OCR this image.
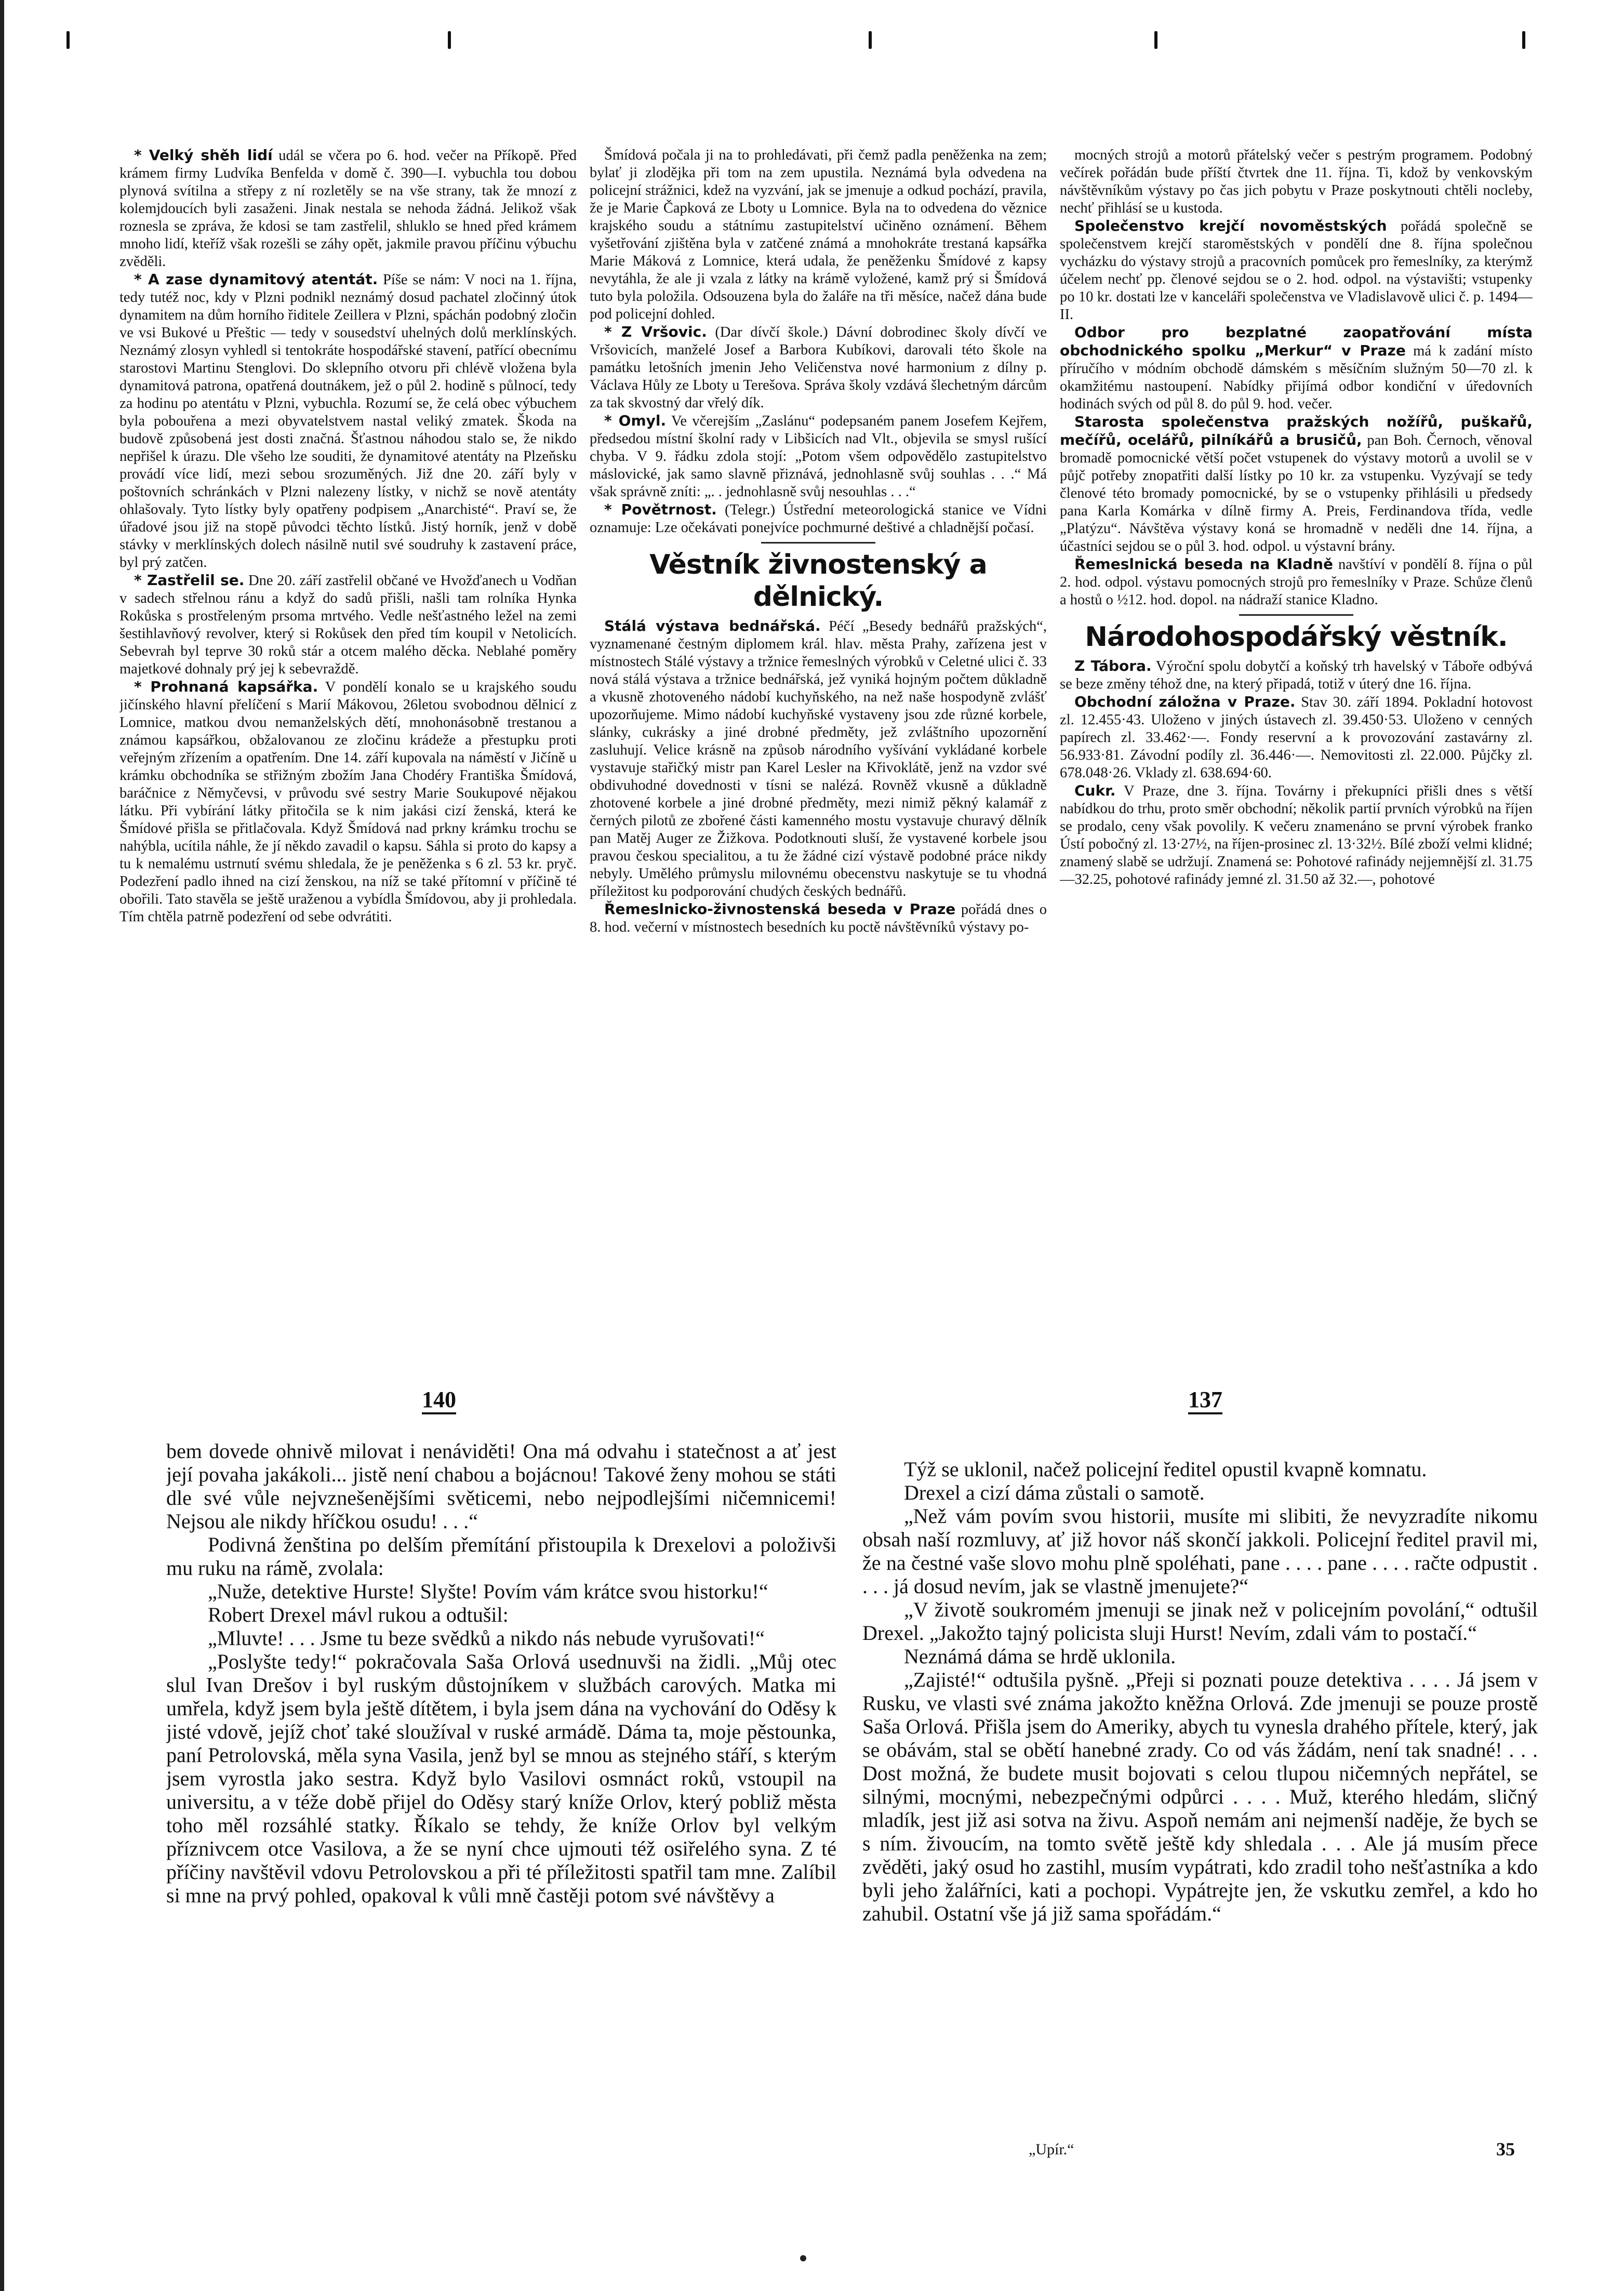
* Velký shěh lidí udál se včera po 6. hod. večer na Příkopě. Před krámem firmy Ludvíka Benfelda v domě č. 390—I. vybuchla tou dobou plynová svítilna a střepy z ní rozletěly se na vše strany, tak že mnozí z kolemjdoucích byli zasaženi. Jinak nestala se nehoda žádná. Jelikož však roznesla se zpráva, že kdosi se tam zastřelil, shluklo se hned před krámem mnoho lidí, kteříž však rozešli se záhy opět, jakmile pravou příčinu výbuchu zvěděli.

* A zase dynamitový atentát. Píše se nám: V noci na 1. října, tedy tutéž noc, kdy v Plzni podnikl neznámý dosud pachatel zločinný útok dynamitem na dům horního řiditele Zeillera v Plzni, spáchán podobný zločin ve vsi Bukové u Přeštic — tedy v sousedství uhelných dolů merklínských. Neznámý zlosyn vyhledl si tentokráte hospodářské stavení, patřící obecnímu starostovi Martinu Stenglovi. Do sklepního otvoru při chlévě vložena byla dynamitová patrona, opatřená doutnákem, jež o půl 2. hodině s půlnocí, tedy za hodinu po atentátu v Plzni, vybuchla. Rozumí se, že celá obec výbuchem byla pobouřena a mezi obyvatelstvem nastal veliký zmatek. Škoda na budově způsobená jest dosti značná. Šťastnou náhodou stalo se, že nikdo nepřišel k úrazu. Dle všeho lze souditi, že dynamitové atentáty na Plzeňsku provádí více lidí, mezi sebou srozuměných. Již dne 20. září byly v poštovních schránkách v Plzni nalezeny lístky, v nichž se nově atentáty ohlašovaly. Tyto lístky byly opatřeny podpisem „Anarchisté“. Praví se, že úřadové jsou již na stopě původci těchto lístků. Jistý horník, jenž v době stávky v merklínských dolech násilně nutil své soudruhy k zastavení práce, byl prý zatčen.

* Zastřelil se. Dne 20. září zastřelil občané ve Hvožďanech u Vodňan v sadech střelnou ránu a když do sadů přišli, našli tam rolníka Hynka Rokůska s prostřeleným prsoma mrtvého. Vedle nešťastného ležel na zemi šestihlavňový revolver, který si Rokůsek den před tím koupil v Netolicích. Sebevrah byl teprve 30 roků stár a otcem malého děcka. Neblahé poměry majetkové dohnaly prý jej k sebevraždě.

* Prohnaná kapsářka. V pondělí konalo se u krajského soudu jičínského hlavní přelíčení s Marií Mákovou, 26letou svobodnou dělnicí z Lomnice, matkou dvou nemanželských dětí, mnohonásobně trestanou a známou kapsářkou, obžalovanou ze zločinu krádeže a přestupku proti veřejným zřízením a opatřením. Dne 14. září kupovala na náměstí v Jičíně u krámku obchodníka se střižným zbožím Jana Chodéry Františka Šmídová, baráčnice z Němyčevsi, v průvodu své sestry Marie Soukupové nějakou látku. Při vybírání látky přitočila se k nim jakási cizí ženská, která ke Šmídové přišla se přitlačovala. Když Šmídová nad prkny krámku trochu se nahýbla, ucítila náhle, že jí někdo zavadil o kapsu. Sáhla si proto do kapsy a tu k nemalému ustrnutí svému shledala, že je peněženka s 6 zl. 53 kr. pryč. Podezření padlo ihned na cizí ženskou, na níž se také přítomní v příčině té obořili. Tato stavěla se ještě uraženou a vybídla Šmídovou, aby ji prohledala. Tím chtěla patrně podezření od sebe odvrátiti.

Šmídová počala ji na to prohledávati, při čemž padla peněženka na zem; bylať ji zlodějka při tom na zem upustila. Neznámá byla odvedena na policejní strážnici, kdež na vyzvání, jak se jmenuje a odkud pochází, pravila, že je Marie Čapková ze Lboty u Lomnice. Byla na to odvedena do věznice krajského soudu a státnímu zastupitelství učiněno oznámení. Během vyšetřování zjištěna byla v zatčené známá a mnohokráte trestaná kapsářka Marie Máková z Lomnice, která udala, že peněženku Šmídové z kapsy nevytáhla, že ale ji vzala z látky na krámě vyložené, kamž prý si Šmídová tuto byla položila. Odsouzena byla do žaláře na tři měsíce, načež dána bude pod policejní dohled.

* Z Vršovic. (Dar dívčí škole.) Dávní dobrodinec školy dívčí ve Vršovicích, manželé Josef a Barbora Kubíkovi, darovali této škole na památku letošních jmenin Jeho Veličenstva nové harmonium z dílny p. Václava Hůly ze Lboty u Terešova. Správa školy vzdává šlechetným dárcům za tak skvostný dar vřelý dík.

* Omyl. Ve včerejším „Zaslánu“ podepsaném panem Josefem Kejřem, předsedou místní školní rady v Libšicích nad Vlt., objevila se smysl rušící chyba. V 9. řádku zdola stojí: „Potom všem odpovědělo zastupitelstvo máslovické, jak samo slavně přiznává, jednohlasně svůj souhlas . . .“ Má však správně zníti: „. . jednohlasně svůj nesouhlas . . .“

* Povětrnost. (Telegr.) Ústřední meteorologická stanice ve Vídni oznamuje: Lze očekávati ponejvíce pochmurné deštivé a chladnější počasí.

Věstník živnostenský a dělnický.

Stálá výstava bednářská. Péčí „Besedy bednářů pražských“, vyznamenané čestným diplomem král. hlav. města Prahy, zařízena jest v místnostech Stálé výstavy a tržnice řemeslných výrobků v Celetné ulici č. 33 nová stálá výstava a tržnice bednářská, jež vyniká hojným počtem důkladně a vkusně zhotoveného nádobí kuchyňského, na než naše hospodyně zvlášť upozorňujeme. Mimo nádobí kuchyňské vystaveny jsou zde různé korbele, slánky, cukrásky a jiné drobné předměty, jež zvláštního upozornění zasluhují. Velice krásně na způsob národního vyšívání vykládané korbele vystavuje stařičký mistr pan Karel Lesler na Křivoklátě, jenž na vzdor své obdivuhodné dovednosti v tísni se nalézá. Rovněž vkusně a důkladně zhotovené korbele a jiné drobné předměty, mezi nimiž pěkný kalamář z černých pilotů ze zbořené části kamenného mostu vystavuje churavý dělník pan Matěj Auger ze Žižkova. Podotknouti sluší, že vystavené korbele jsou pravou českou specialitou, a tu že žádné cizí výstavě podobné práce nikdy nebyly. Umělého průmyslu milovnému obecenstvu naskytuje se tu vhodná příležitost ku podporování chudých českých bednářů.

Řemeslnicko-živnostenská beseda v Praze pořádá dnes o 8. hod. večerní v místnostech besedních ku poctě návštěvníků výstavy po-

mocných strojů a motorů přátelský večer s pestrým programem. Podobný večírek pořádán bude příští čtvrtek dne 11. října. Ti, kdož by venkovským návštěvníkům výstavy po čas jich pobytu v Praze poskytnouti chtěli nocleby, nechť přihlásí se u kustoda.

Společenstvo krejčí novoměstských pořádá společně se společenstvem krejčí staroměstských v pondělí dne 8. října společnou vycházku do výstavy strojů a pracovních pomůcek pro řemeslníky, za kterýmž účelem nechť pp. členové sejdou se o 2. hod. odpol. na výstavišti; vstupenky po 10 kr. dostati lze v kanceláři společenstva ve Vladislavově ulici č. p. 1494—II.

Odbor pro bezplatné zaopatřování místa obchodnického spolku „Merkur“ v Praze má k zadání místo příručího v módním obchodě dámském s měsíčním služným 50—70 zl. k okamžitému nastoupení. Nabídky přijímá odbor kondiční v úředovních hodinách svých od půl 8. do půl 9. hod. večer.

Starosta společenstva pražských nožířů, puškařů, mečířů, ocelářů, pilníkářů a brusičů, pan Boh. Černoch, věnoval bromadě pomocnické větší počet vstupenek do výstavy motorů a uvolil se v půjč potřeby znopatřiti další lístky po 10 kr. za vstupenku. Vyzývají se tedy členové této bromady pomocnické, by se o vstupenky přihlásili u předsedy pana Karla Komárka v dílně firmy A. Preis, Ferdinandova třída, vedle „Platýzu“. Návštěva výstavy koná se hromadně v neděli dne 14. října, a účastníci sejdou se o půl 3. hod. odpol. u výstavní brány.

Řemeslnická beseda na Kladně navštíví v pondělí 8. října o půl 2. hod. odpol. výstavu pomocných strojů pro řemeslníky v Praze. Schůze členů a hostů o ½12. hod. dopol. na nádraží stanice Kladno.

Národohospodářský věstník.

Z Tábora. Výroční spolu dobytčí a koňský trh havelský v Táboře odbývá se beze změny téhož dne, na který připadá, totiž v úterý dne 16. října.

Obchodní záložna v Praze. Stav 30. září 1894. Pokladní hotovost zl. 12.455·43. Uloženo v jiných ústavech zl. 39.450·53. Uloženo v cenných papírech zl. 33.462·—. Fondy reservní a k provozování zastavárny zl. 56.933·81. Závodní podíly zl. 36.446·—. Nemovitosti zl. 22.000. Půjčky zl. 678.048·26. Vklady zl. 638.694·60.

Cukr. V Praze, dne 3. října. Továrny i překupníci přišli dnes s větší nabídkou do trhu, proto směr obchodní; několik partií prvních výrobků na říjen se prodalo, ceny však povolily. K večeru znamenáno se první výrobek franko Ústí pobočný zl. 13·27½, na říjen-prosinec zl. 13·32½. Bílé zboží velmi klidné; znamený slabě se udržují. Znamená se: Pohotové rafinády nejjemnější zl. 31.75—32.25, pohotové rafinády jemné zl. 31.50 až 32.—, pohotové

140	137

bem dovede ohnivě milovat i nenáviděti! Ona má odvahu i statečnost a ať jest její povaha jakákoli... jistě není chabou a bojácnou! Takové ženy mohou se státi dle své vůle nejvznešenějšími světicemi, nebo nejpodlejšími ničemnicemi! Nejsou ale nikdy hříčkou osudu! . . .“

Podivná ženština po delším přemítání přistoupila k Drexelovi a položivši mu ruku na rámě, zvolala:

„Nuže, detektive Hurste! Slyšte! Povím vám krátce svou historku!“

Robert Drexel mávl rukou a odtušil:

„Mluvte! . . . Jsme tu beze svědků a nikdo nás nebude vyrušovati!“

„Poslyšte tedy!“ pokračovala Saša Orlová usednuvši na židli. „Můj otec slul Ivan Drešov i byl ruským důstojníkem v službách carových. Matka mi umřela, když jsem byla ještě dítětem, i byla jsem dána na vychování do Oděsy k jisté vdově, jejíž choť také sloužíval v ruské armádě. Dáma ta, moje pěstounka, paní Petrolovská, měla syna Vasila, jenž byl se mnou as stejného stáří, s kterým jsem vyrostla jako sestra. Když bylo Vasilovi osmnáct roků, vstoupil na universitu, a v téže době přijel do Oděsy starý kníže Orlov, který pobliž města toho měl rozsáhlé statky. Říkalo se tehdy, že kníže Orlov byl velkým příznivcem otce Vasilova, a že se nyní chce ujmouti též osiřelého syna. Z té příčiny navštěvil vdovu Petrolovskou a při té příležitosti spatřil tam mne. Zalíbil si mne na prvý pohled, opakoval k vůli mně častěji potom své návštěvy a

Týž se uklonil, načež policejní ředitel opustil kvapně komnatu.

Drexel a cizí dáma zůstali o samotě.

„Než vám povím svou historii, musíte mi slibiti, že nevyzradíte nikomu obsah naší rozmluvy, ať již hovor náš skončí jakkoli. Policejní ředitel pravil mi, že na čestné vaše slovo mohu plně spoléhati, pane . . . . pane . . . . račte odpustit . . . . já dosud nevím, jak se vlastně jmenujete?“

„V životě soukromém jmenuji se jinak než v policejním povolání,“ odtušil Drexel. „Jakožto tajný policista sluji Hurst! Nevím, zdali vám to postačí.“

Neznámá dáma se hrdě uklonila.

„Zajisté!“ odtušila pyšně. „Přeji si poznati pouze detektiva . . . . Já jsem v Rusku, ve vlasti své známa jakožto kněžna Orlová. Zde jmenuji se pouze prostě Saša Orlová. Přišla jsem do Ameriky, abych tu vynesla drahého přítele, který, jak se obávám, stal se obětí hanebné zrady. Co od vás žádám, není tak snadné! . . . Dost možná, že budete musit bojovati s celou tlupou ničemných nepřátel, se silnými, mocnými, nebezpečnými odpůrci . . . . Muž, kterého hledám, sličný mladík, jest již asi sotva na živu. Aspoň nemám ani nejmenší naděje, že bych se s ním. živoucím, na tomto světě ještě kdy shledala . . . Ale já musím přece zvěděti, jaký osud ho zastihl, musím vypátrati, kdo zradil toho nešťastníka a kdo byli jeho žalářníci, kati a pochopi. Vypátrejte jen, že vskutku zemřel, a kdo ho zahubil. Ostatní vše já již sama spořádám.“

„Upír.“	35
